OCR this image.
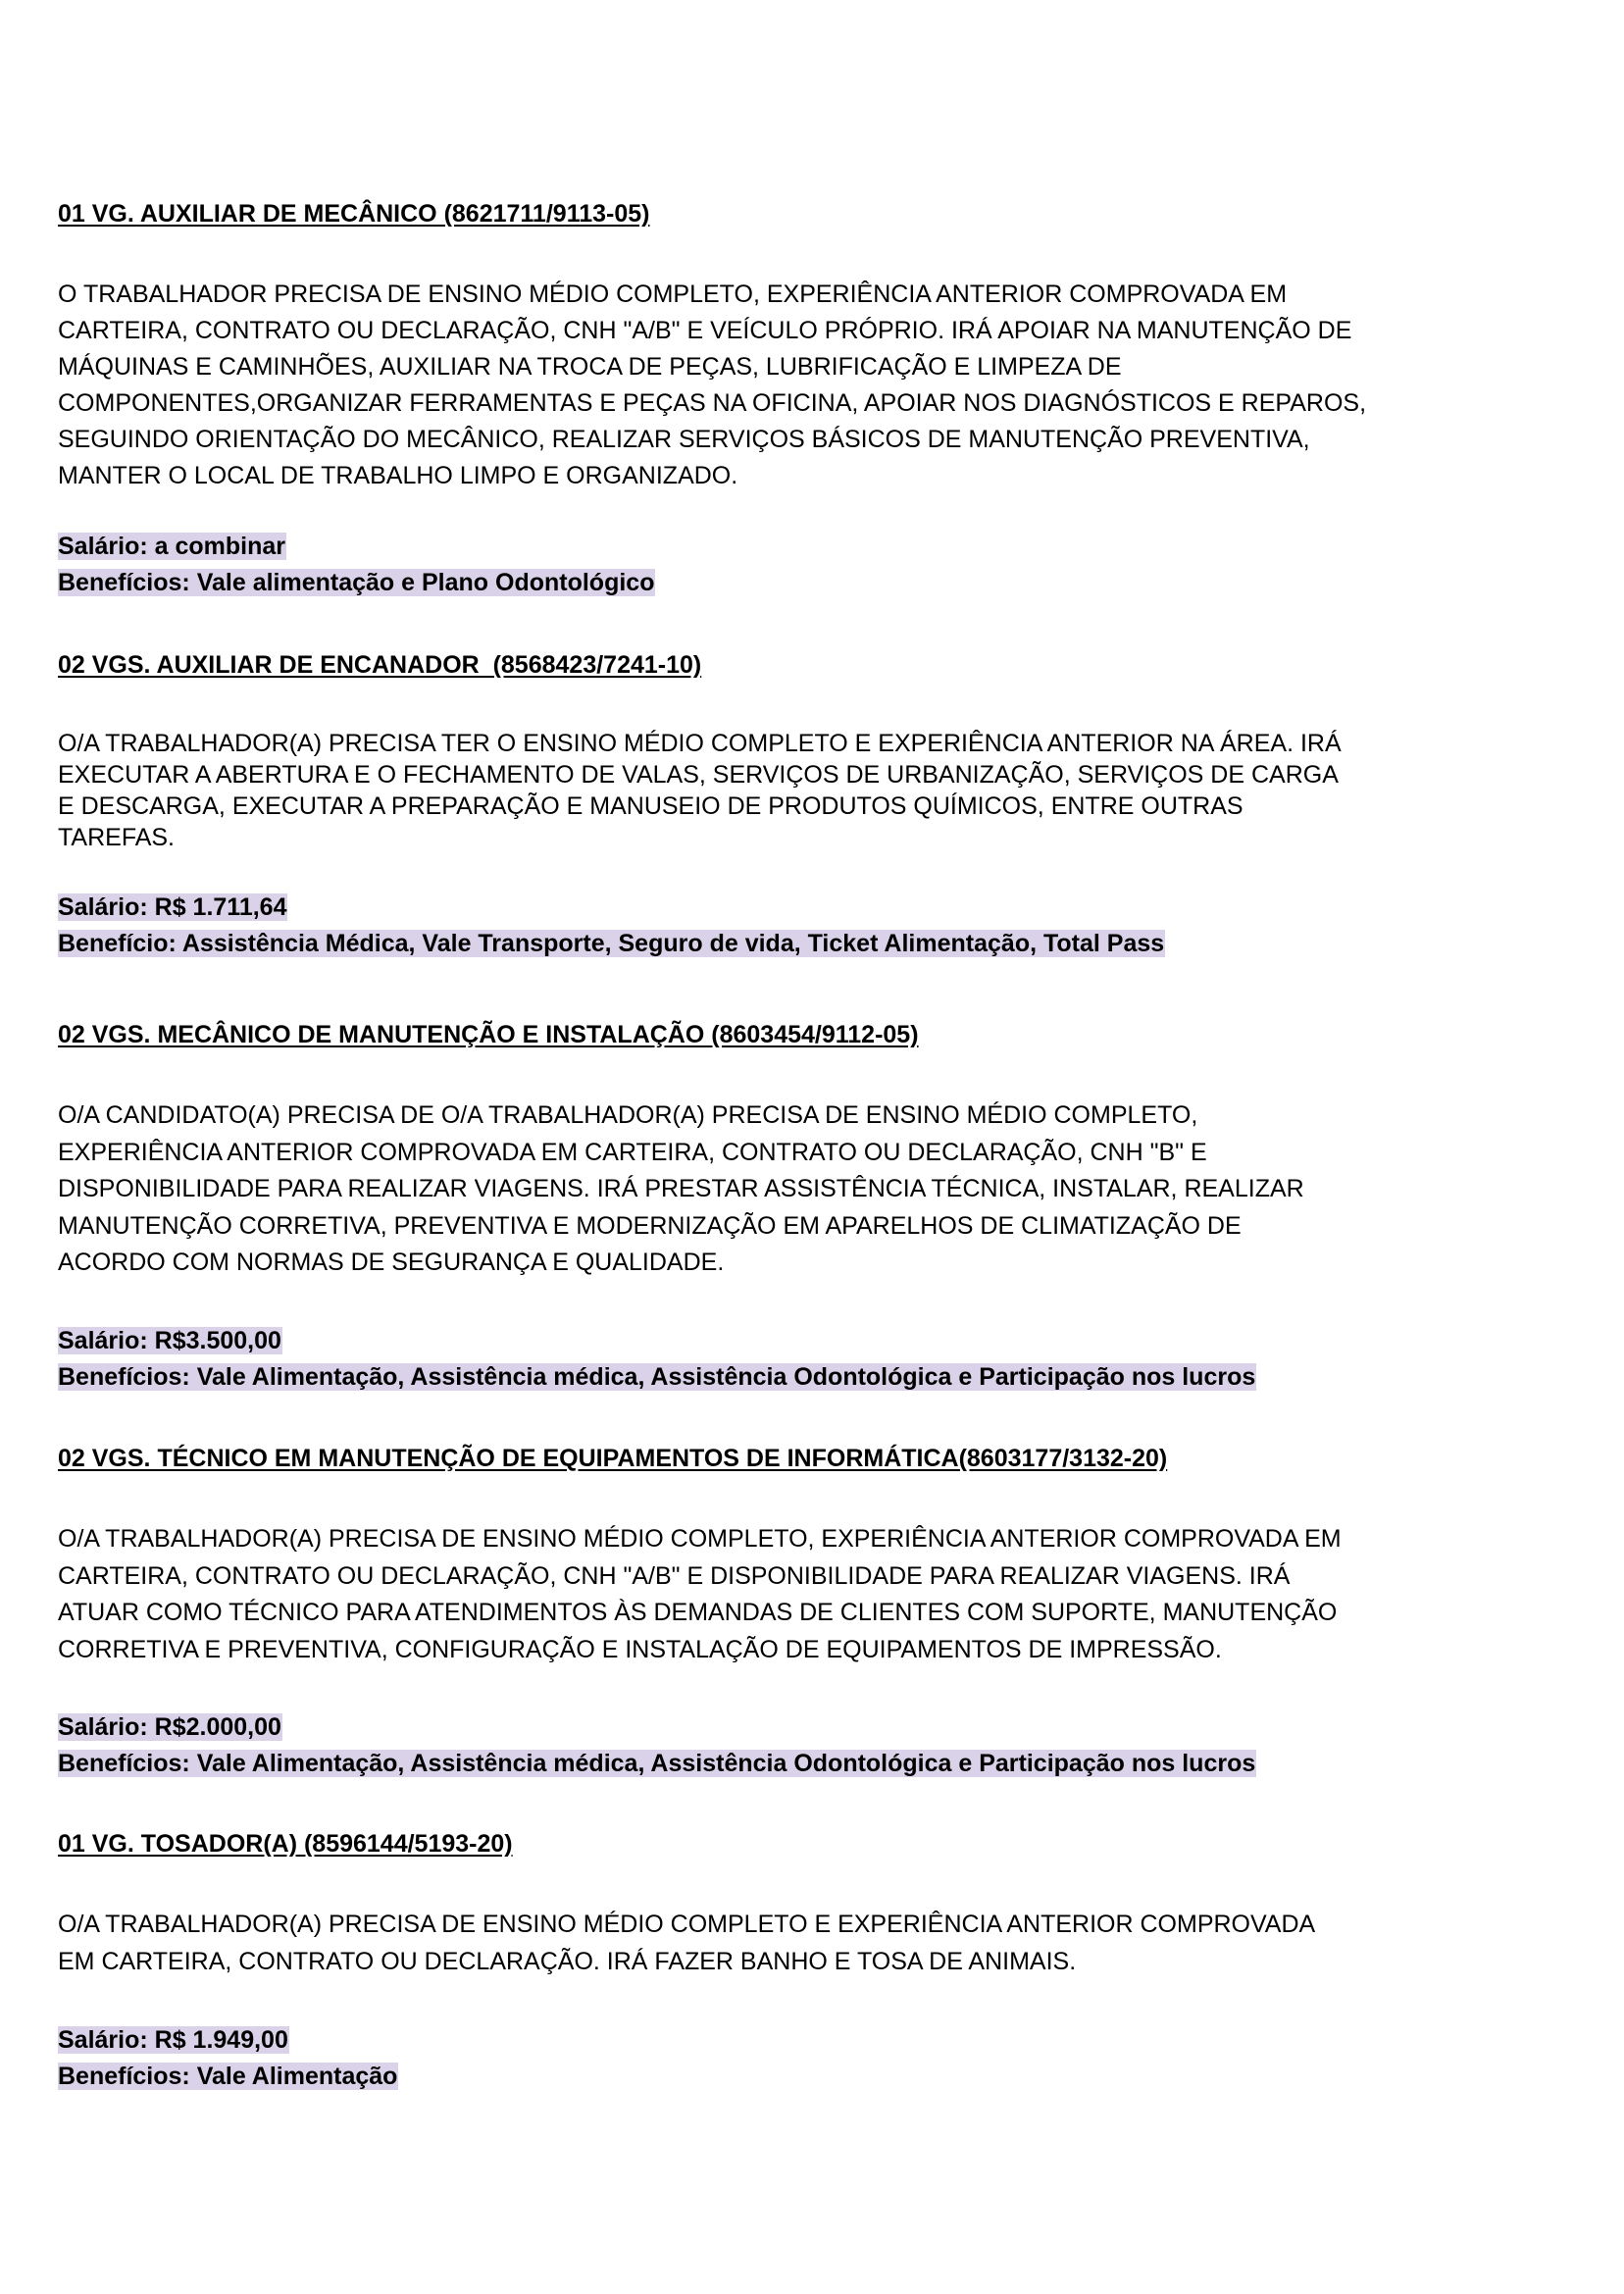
01 VG. AUXILIAR DE MECÂNICO (8621711/9113-05)
O TRABALHADOR PRECISA DE ENSINO MÉDIO COMPLETO, EXPERIÊNCIA ANTERIOR COMPROVADA EM
CARTEIRA, CONTRATO OU DECLARAÇÃO, CNH "A/B" E VEÍCULO PRÓPRIO. IRÁ APOIAR NA MANUTENÇÃO DE
MÁQUINAS E CAMINHÕES, AUXILIAR NA TROCA DE PEÇAS, LUBRIFICAÇÃO E LIMPEZA DE
COMPONENTES,ORGANIZAR FERRAMENTAS E PEÇAS NA OFICINA, APOIAR NOS DIAGNÓSTICOS E REPAROS,
SEGUINDO ORIENTAÇÃO DO MECÂNICO, REALIZAR SERVIÇOS BÁSICOS DE MANUTENÇÃO PREVENTIVA,
MANTER O LOCAL DE TRABALHO LIMPO E ORGANIZADO.
Salário: a combinar
Benefícios: Vale alimentação e Plano Odontológico
02 VGS. AUXILIAR DE ENCANADOR  (8568423/7241-10)
O/A TRABALHADOR(A) PRECISA TER O ENSINO MÉDIO COMPLETO E EXPERIÊNCIA ANTERIOR NA ÁREA. IRÁ
EXECUTAR A ABERTURA E O FECHAMENTO DE VALAS, SERVIÇOS DE URBANIZAÇÃO, SERVIÇOS DE CARGA
E DESCARGA, EXECUTAR A PREPARAÇÃO E MANUSEIO DE PRODUTOS QUÍMICOS, ENTRE OUTRAS
TAREFAS.
Salário: R$ 1.711,64
Benefício: Assistência Médica, Vale Transporte, Seguro de vida, Ticket Alimentação, Total Pass
02 VGS. MECÂNICO DE MANUTENÇÃO E INSTALAÇÃO (8603454/9112-05)
O/A CANDIDATO(A) PRECISA DE O/A TRABALHADOR(A) PRECISA DE ENSINO MÉDIO COMPLETO,
EXPERIÊNCIA ANTERIOR COMPROVADA EM CARTEIRA, CONTRATO OU DECLARAÇÃO, CNH "B" E
DISPONIBILIDADE PARA REALIZAR VIAGENS. IRÁ PRESTAR ASSISTÊNCIA TÉCNICA, INSTALAR, REALIZAR
MANUTENÇÃO CORRETIVA, PREVENTIVA E MODERNIZAÇÃO EM APARELHOS DE CLIMATIZAÇÃO DE
ACORDO COM NORMAS DE SEGURANÇA E QUALIDADE.
Salário: R$3.500,00
Benefícios: Vale Alimentação, Assistência médica, Assistência Odontológica e Participação nos lucros
02 VGS. TÉCNICO EM MANUTENÇÃO DE EQUIPAMENTOS DE INFORMÁTICA(8603177/3132-20)
O/A TRABALHADOR(A) PRECISA DE ENSINO MÉDIO COMPLETO, EXPERIÊNCIA ANTERIOR COMPROVADA EM
CARTEIRA, CONTRATO OU DECLARAÇÃO, CNH "A/B" E DISPONIBILIDADE PARA REALIZAR VIAGENS. IRÁ
ATUAR COMO TÉCNICO PARA ATENDIMENTOS ÀS DEMANDAS DE CLIENTES COM SUPORTE, MANUTENÇÃO
CORRETIVA E PREVENTIVA, CONFIGURAÇÃO E INSTALAÇÃO DE EQUIPAMENTOS DE IMPRESSÃO.
Salário: R$2.000,00
Benefícios: Vale Alimentação, Assistência médica, Assistência Odontológica e Participação nos lucros
01 VG. TOSADOR(A) (8596144/5193-20)
O/A TRABALHADOR(A) PRECISA DE ENSINO MÉDIO COMPLETO E EXPERIÊNCIA ANTERIOR COMPROVADA
EM CARTEIRA, CONTRATO OU DECLARAÇÃO. IRÁ FAZER BANHO E TOSA DE ANIMAIS.
Salário: R$ 1.949,00
Benefícios: Vale Alimentação
